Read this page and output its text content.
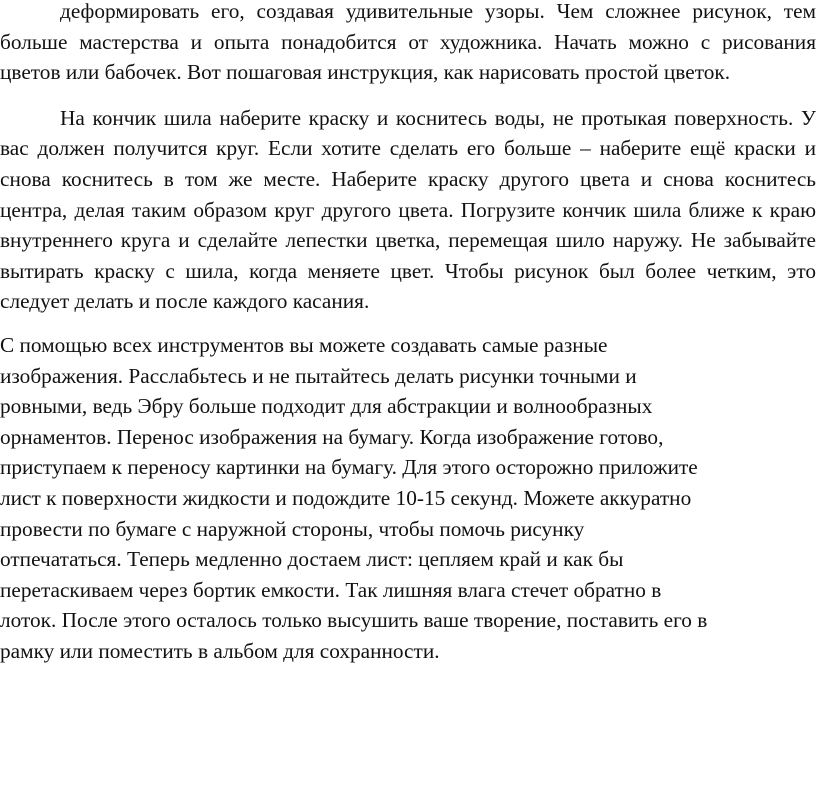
деформировать его, создавая удивительные узоры. Чем сложнее рисунок, тем больше мастерства и опыта понадобится от художника. Начать можно с рисования цветов или бабочек. Вот пошаговая инструкция, как нарисовать простой цветок.

На кончик шила наберите краску и коснитесь воды, не протыкая поверхность. У вас должен получится круг. Если хотите сделать его больше – наберите ещё краски и снова коснитесь в том же месте. Наберите краску другого цвета и снова коснитесь центра, делая таким образом круг другого цвета. Погрузите кончик шила ближе к краю внутреннего круга и сделайте лепестки цветка, перемещая шило наружу. Не забывайте вытирать краску с шила, когда меняете цвет. Чтобы рисунок был более четким, это следует делать и после каждого касания.

С помощью всех инструментов вы можете создавать самые разные
изображения. Расслабьтесь и не пытайтесь делать рисунки точными и
ровными, ведь Эбру больше подходит для абстракции и волнообразных
орнаментов. Перенос изображения на бумагу. Когда изображение готово,
приступаем к переносу картинки на бумагу. Для этого осторожно приложите
лист к поверхности жидкости и подождите 10-15 секунд. Можете аккуратно
провести по бумаге с наружной стороны, чтобы помочь рисунку
отпечататься. Теперь медленно достаем лист: цепляем край и как бы
перетаскиваем через бортик емкости. Так лишняя влага стечет обратно в
лоток. После этого осталось только высушить ваше творение, поставить его в
рамку или поместить в альбом для сохранности.
